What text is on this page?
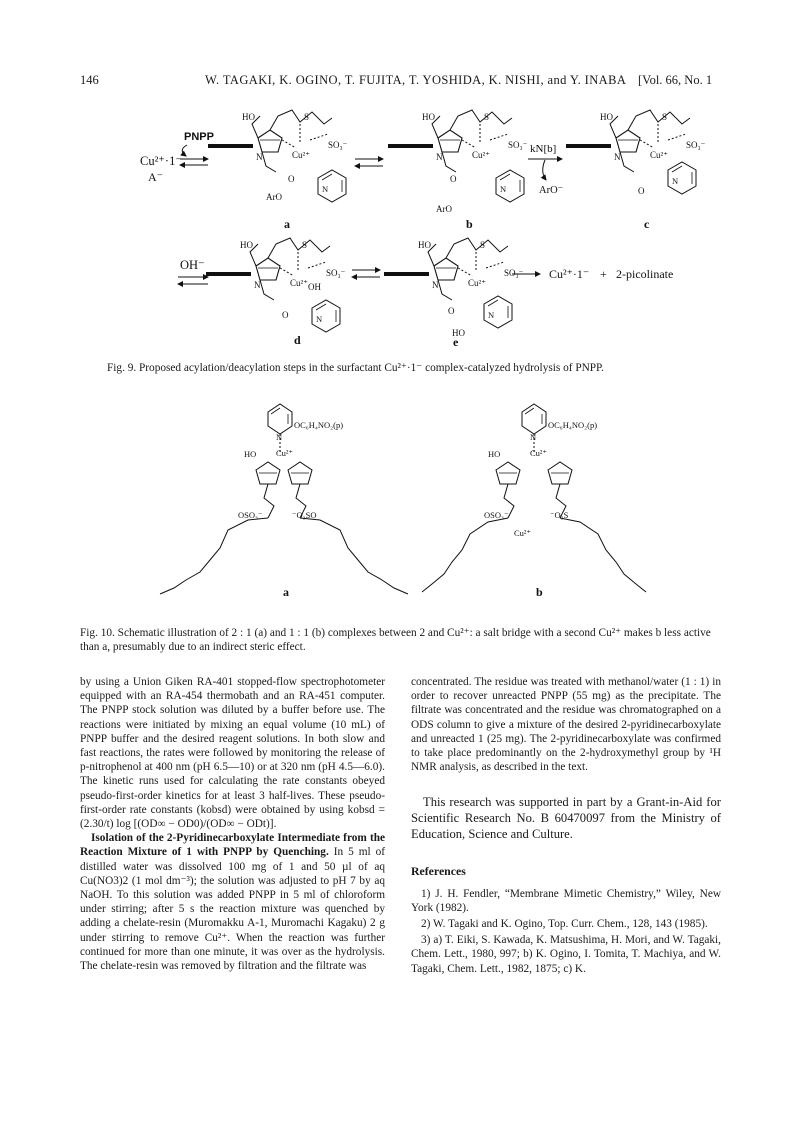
146	W. TAGAKI, K. OGINO, T. FUJITA, T. YOSHIDA, K. NISHI, and Y. INABA [Vol. 66, No. 1
Cu²⁺·1⁻
A⁻
PNPP
HO	S
SO₃⁻
N	Cu²⁺
O
ArO
N
a
HO	S
SO₃⁻
N	Cu²⁺
O
ArO
N
b
kN[b]
ArO⁻
HO	S
SO₃⁻
N	Cu²⁺
O
N
c
OH⁻
HO	S
SO₃⁻
N	Cu²⁺ OH
O	N
d
HO	S
SO₃⁻
N	Cu²⁺
O
HO
N
e
Cu²⁺·1⁻ + 2-picolinate
Fig. 9. Proposed acylation/deacylation steps in the surfactant Cu²⁺·1⁻ complex-catalyzed hydrolysis of PNPP.
N
OC₆H₄NO₂(p)
HO Cu²⁺
OSO₃⁻	⁻O₃SO
a
N
OC₆H₄NO₂(p)
HO	Cu²⁺
OSO₃⁻	⁻O₃S
Cu²⁺
b
Fig. 10. Schematic illustration of 2 : 1 (a) and 1 : 1 (b) complexes between 2 and Cu²⁺: a salt bridge with a second Cu²⁺ makes b less active than a, presumably due to an indirect steric effect.

by using a Union Giken RA-401 stopped-flow spectrophotometer equipped with an RA-454 thermobath and an RA-451 computer. The PNPP stock solution was diluted by a buffer before use. The reactions were initiated by mixing an equal volume (10 mL) of PNPP buffer and the desired reagent solutions. In both slow and fast reactions, the rates were followed by monitoring the release of p-nitrophenol at 400 nm (pH 6.5—10) or at 320 nm (pH 4.5—6.0). The kinetic runs used for calculating the rate constants obeyed pseudo-first-order kinetics for at least 3 half-lives. These pseudo-first-order rate constants (kobsd) were obtained by using kobsd = (2.30/t) log [(OD∞ − OD0)/(OD∞ − ODt)].

Isolation of the 2-Pyridinecarboxylate Intermediate from the Reaction Mixture of 1 with PNPP by Quenching. In 5 ml of distilled water was dissolved 100 mg of 1 and 50 µl of aq Cu(NO3)2 (1 mol dm⁻³); the solution was adjusted to pH 7 by aq NaOH. To this solution was added PNPP in 5 ml of chloroform under stirring; after 5 s the reaction mixture was quenched by adding a chelate-resin (Muromakku A-1, Muromachi Kagaku) 2 g under stirring to remove Cu²⁺. When the reaction was further continued for more than one minute, it was over as the hydrolysis. The chelate-resin was removed by filtration and the filtrate was

concentrated. The residue was treated with methanol/water (1 : 1) in order to recover unreacted PNPP (55 mg) as the precipitate. The filtrate was concentrated and the residue was chromatographed on a ODS column to give a mixture of the desired 2-pyridinecarboxylate and unreacted 1 (25 mg). The 2-pyridinecarboxylate was confirmed to take place predominantly on the 2-hydroxymethyl group by ¹H NMR analysis, as described in the text.

This research was supported in part by a Grant-in-Aid for Scientific Research No. B 60470097 from the Ministry of Education, Science and Culture.

References

1) J. H. Fendler, “Membrane Mimetic Chemistry,” Wiley, New York (1982).

2) W. Tagaki and K. Ogino, Top. Curr. Chem., 128, 143 (1985).

3) a) T. Eiki, S. Kawada, K. Matsushima, H. Mori, and W. Tagaki, Chem. Lett., 1980, 997; b) K. Ogino, I. Tomita, T. Machiya, and W. Tagaki, Chem. Lett., 1982, 1875; c) K.
